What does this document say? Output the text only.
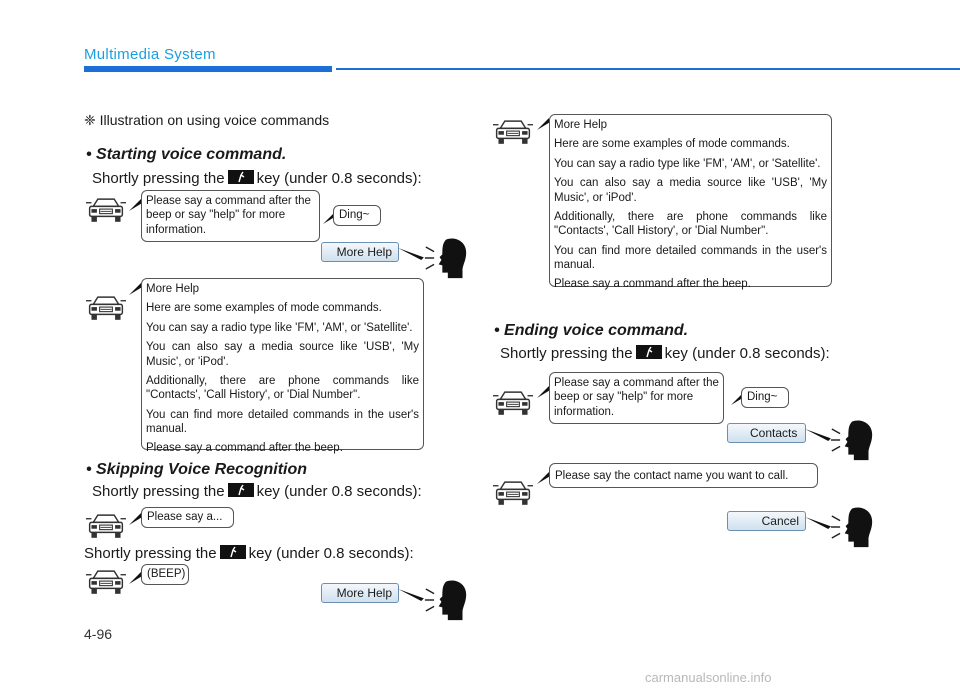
Multimedia System
❈ Illustration on using voice commands
• Starting voice command.
Shortly pressing the key (under 0.8 seconds):
Please say a command after the beep or say "help" for more information.
Ding~
More Help

More Help

Here are some examples of mode commands.

You can say a radio type like 'FM', 'AM', or 'Satellite'.

You can also say a media source like 'USB', 'My Music', or 'iPod'.

Additionally, there are phone commands like "Contacts', 'Call History', or 'Dial Number".

You can find more detailed commands in the user's manual.

Please say a command after the beep.

• Skipping Voice Recognition
Shortly pressing the key (under 0.8 seconds):
Please say a...
Shortly pressing the key (under 0.8 seconds):
(BEEP)
More Help

More Help

Here are some examples of mode commands.

You can say a radio type like 'FM', 'AM', or 'Satellite'.

You can also say a media source like 'USB', 'My Music', or 'iPod'.

Additionally, there are phone commands like "Contacts', 'Call History', or 'Dial Number".

You can find more detailed commands in the user's manual.

Please say a command after the beep.

• Ending voice command.
Shortly pressing the key (under 0.8 seconds):
Please say a command after the beep or say "help" for more information.
Ding~
Contacts
Please say the contact name you want to call.
Cancel
4-96
carmanualsonline.info
